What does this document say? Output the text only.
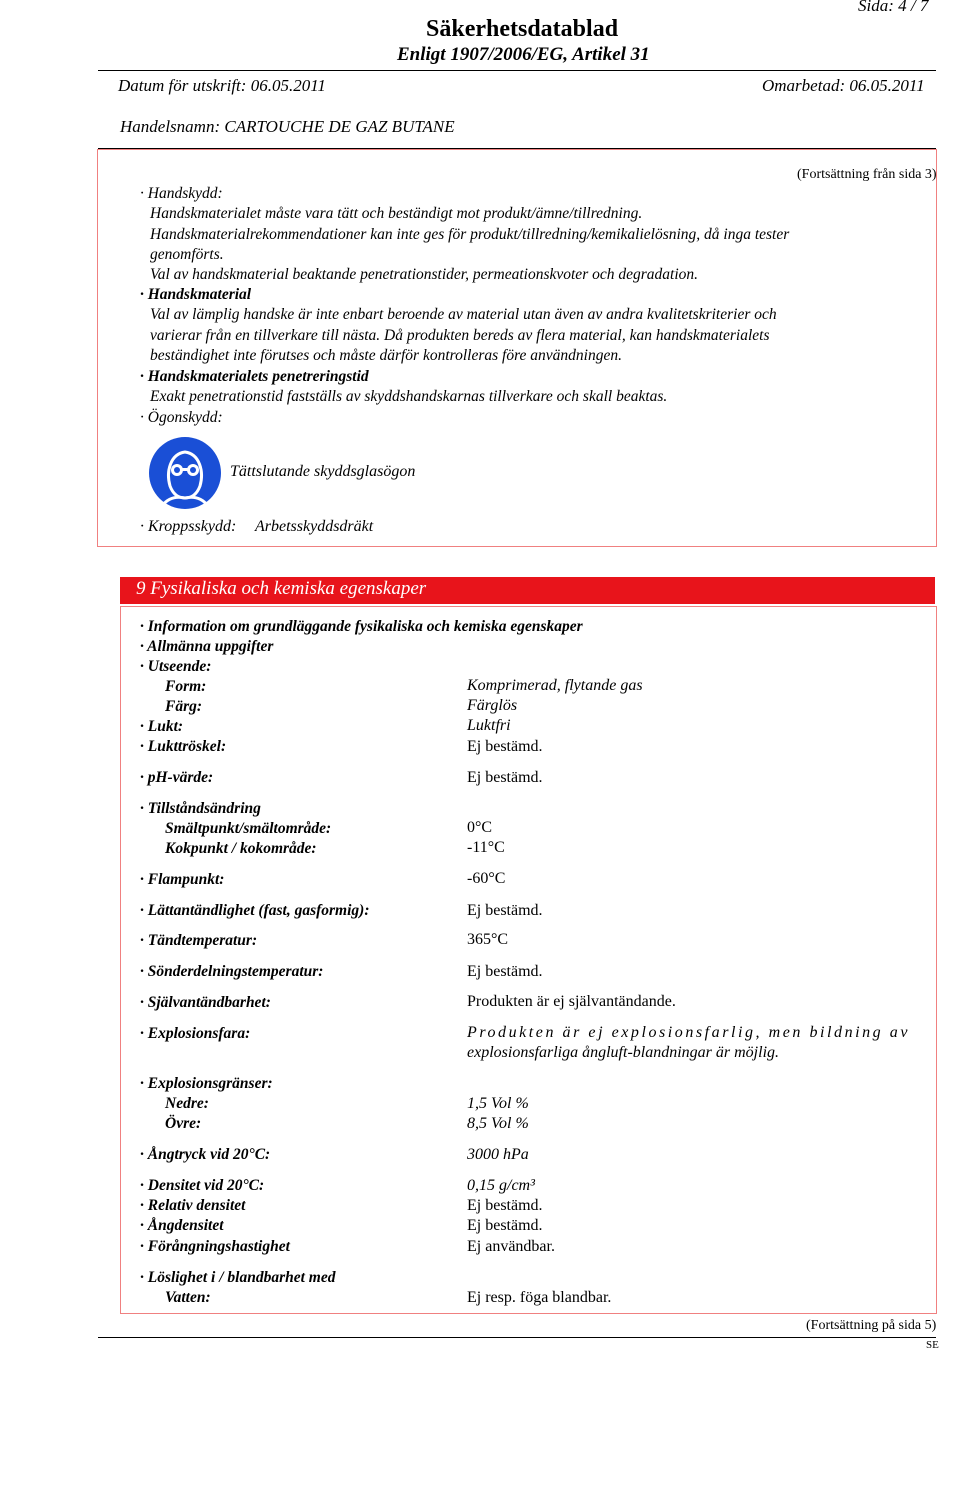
Sida: 4 / 7
Säkerhetsdatablad
Enligt 1907/2006/EG, Artikel 31
Datum för utskrift: 06.05.2011	Omarbetad: 06.05.2011
Handelsnamn: CARTOUCHE DE GAZ BUTANE
(Fortsättning från sida 3)
· Handskydd:
Handskmaterialet måste vara tätt och beständigt mot produkt/ämne/tillredning.
Handskmaterialrekommendationer kan inte ges för produkt/tillredning/kemikalielösning, då inga tester
genomförts.
Val av handskmaterial beaktande penetrationstider, permeationskvoter och degradation.
· Handskmaterial
Val av lämplig handske är inte enbart beroende av material utan även av andra kvalitetskriterier och
varierar från en tillverkare till nästa. Då produkten bereds av flera material, kan handskmaterialets
beständighet inte förutses och måste därför kontrolleras före användningen.
· Handskmaterialets penetreringstid
Exakt penetrationstid fastställs av skyddshandskarnas tillverkare och skall beaktas.
· Ögonskydd:
Tättslutande skyddsglasögon
· Kroppsskydd: Arbetsskyddsdräkt
9 Fysikaliska och kemiska egenskaper
· Information om grundläggande fysikaliska och kemiska egenskaper
· Allmänna uppgifter
· Utseende:
Form:	Komprimerad, flytande gas
Färg:	Färglös
· Lukt:	Luktfri
· Lukttröskel:	Ej bestämd.
· pH-värde:	Ej bestämd.
· Tillståndsändring
Smältpunkt/smältområde:	0°C
Kokpunkt / kokområde:	-11°C
· Flampunkt:	-60°C
· Lättantändlighet (fast, gasformig):	Ej bestämd.
· Tändtemperatur:	365°C
· Sönderdelningstemperatur:	Ej bestämd.
· Självantändbarhet:	Produkten är ej självantändande.
· Explosionsfara:	Produkten är ej explosionsfarlig, men bildning av
explosionsfarliga ångluft-blandningar är möjlig.
· Explosionsgränser:
Nedre:	1,5 Vol %
Övre:	8,5 Vol %
· Ångtryck vid 20°C:	3000 hPa
· Densitet vid 20°C:	0,15 g/cm³
· Relativ densitet	Ej bestämd.
· Ångdensitet	Ej bestämd.
· Förångningshastighet	Ej användbar.
· Löslighet i / blandbarhet med
Vatten:	Ej resp. föga blandbar.
(Fortsättning på sida 5)
SE
